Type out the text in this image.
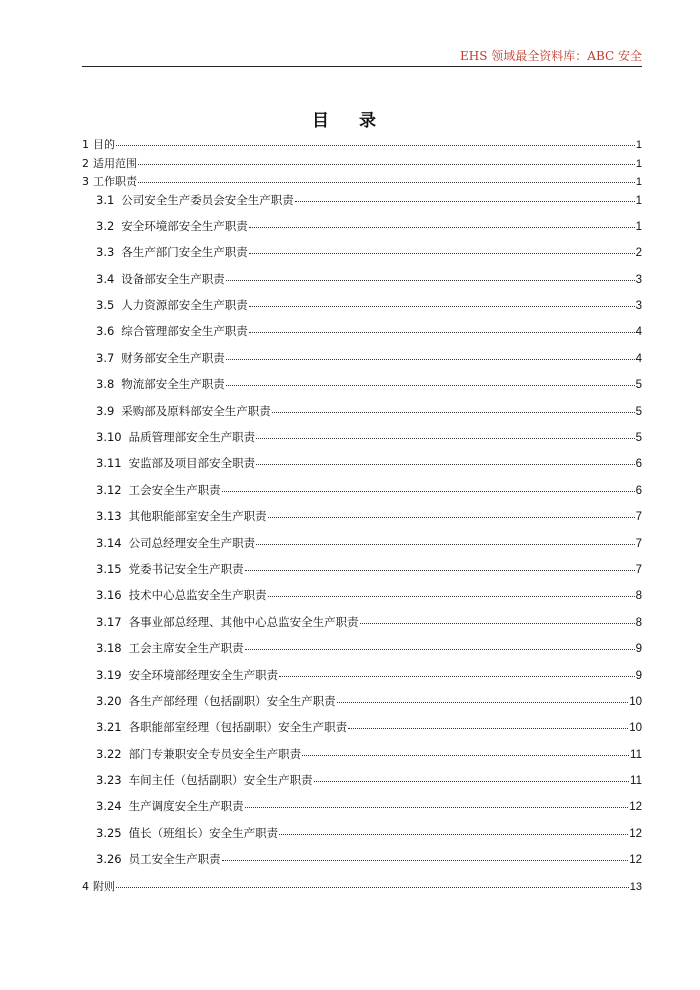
EHS 领域最全资料库：ABC 安全
目 录
1 目的	1
2 适用范围	1
3 工作职责	1
3.1 公司安全生产委员会安全生产职责	1
3.2 安全环境部安全生产职责	1
3.3 各生产部门安全生产职责	2
3.4 设备部安全生产职责	3
3.5 人力资源部安全生产职责	3
3.6 综合管理部安全生产职责	4
3.7 财务部安全生产职责	4
3.8 物流部安全生产职责	5
3.9 采购部及原料部安全生产职责	5
3.10 品质管理部安全生产职责	5
3.11 安监部及项目部安全职责	6
3.12 工会安全生产职责	6
3.13 其他职能部室安全生产职责	7
3.14 公司总经理安全生产职责	7
3.15 党委书记安全生产职责	7
3.16 技术中心总监安全生产职责	8
3.17 各事业部总经理、其他中心总监安全生产职责	8
3.18 工会主席安全生产职责	9
3.19 安全环境部经理安全生产职责	9
3.20 各生产部经理（包括副职）安全生产职责	10
3.21 各职能部室经理（包括副职）安全生产职责	10
3.22 部门专兼职安全专员安全生产职责	11
3.23 车间主任（包括副职）安全生产职责	11
3.24 生产调度安全生产职责	12
3.25 值长（班组长）安全生产职责	12
3.26 员工安全生产职责	12
4 附则	13
